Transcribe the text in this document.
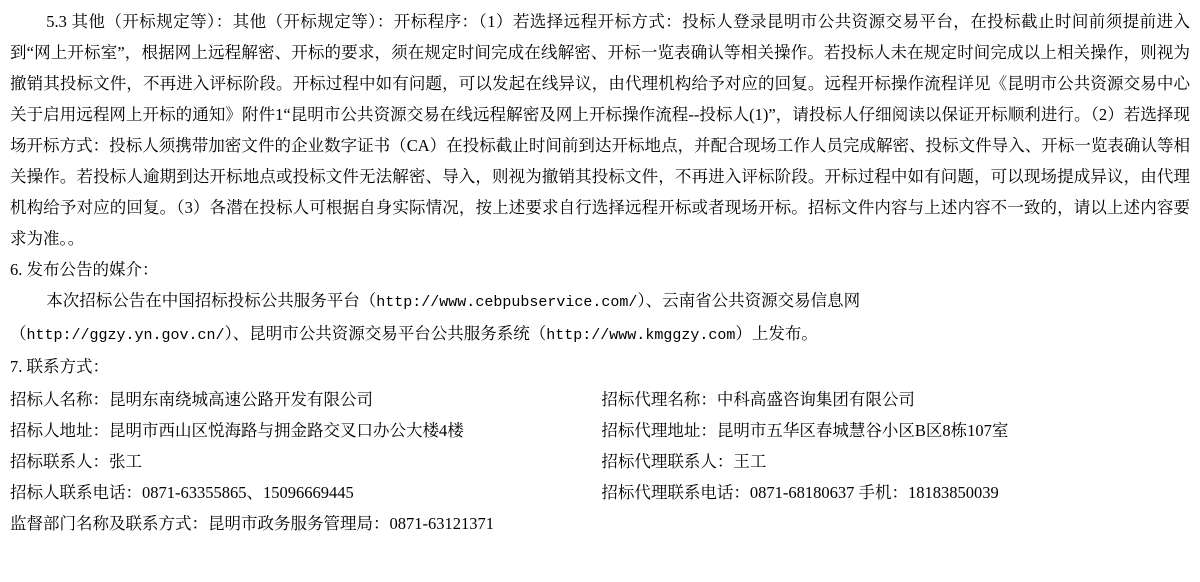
5.3 其他（开标规定等）：其他（开标规定等）：开标程序：（1）若选择远程开标方式：投标人登录昆明市公共资源交易平台，在投标截止时间前须提前进入到“网上开标室”，根据网上远程解密、开标的要求，须在规定时间完成在线解密、开标一览表确认等相关操作。若投标人未在规定时间完成以上相关操作，则视为撤销其投标文件，不再进入评标阶段。开标过程中如有问题，可以发起在线异议，由代理机构给予对应的回复。远程开标操作流程详见《昆明市公共资源交易中心关于启用远程网上开标的通知》附件1“昆明市公共资源交易在线远程解密及网上开标操作流程--投标人(1)”，请投标人仔细阅读以保证开标顺利进行。（2）若选择现场开标方式：投标人须携带加密文件的企业数字证书（CA）在投标截止时间前到达开标地点，并配合现场工作人员完成解密、投标文件导入、开标一览表确认等相关操作。若投标人逾期到达开标地点或投标文件无法解密、导入，则视为撤销其投标文件，不再进入评标阶段。开标过程中如有问题，可以现场提成异议，由代理机构给予对应的回复。（3）各潜在投标人可根据自身实际情况，按上述要求自行选择远程开标或者现场开标。招标文件内容与上述内容不一致的，请以上述内容要求为准。。

6. 发布公告的媒介：

本次招标公告在中国招标投标公共服务平台（http://www.cebpubservice.com/）、云南省公共资源交易信息网

（http://ggzy.yn.gov.cn/）、昆明市公共资源交易平台公共服务系统（http://www.kmggzy.com）上发布。

7. 联系方式：

招标人名称：昆明东南绕城高速公路开发有限公司	招标代理名称：中科高盛咨询集团有限公司
招标人地址：昆明市西山区悦海路与拥金路交叉口办公大楼4楼	招标代理地址：昆明市五华区春城慧谷小区B区8栋107室
招标联系人：张工	招标代理联系人：王工
招标人联系电话：0871-63355865、15096669445	招标代理联系电话：0871-68180637 手机：18183850039
监督部门名称及联系方式：昆明市政务服务管理局：0871-63121371	
